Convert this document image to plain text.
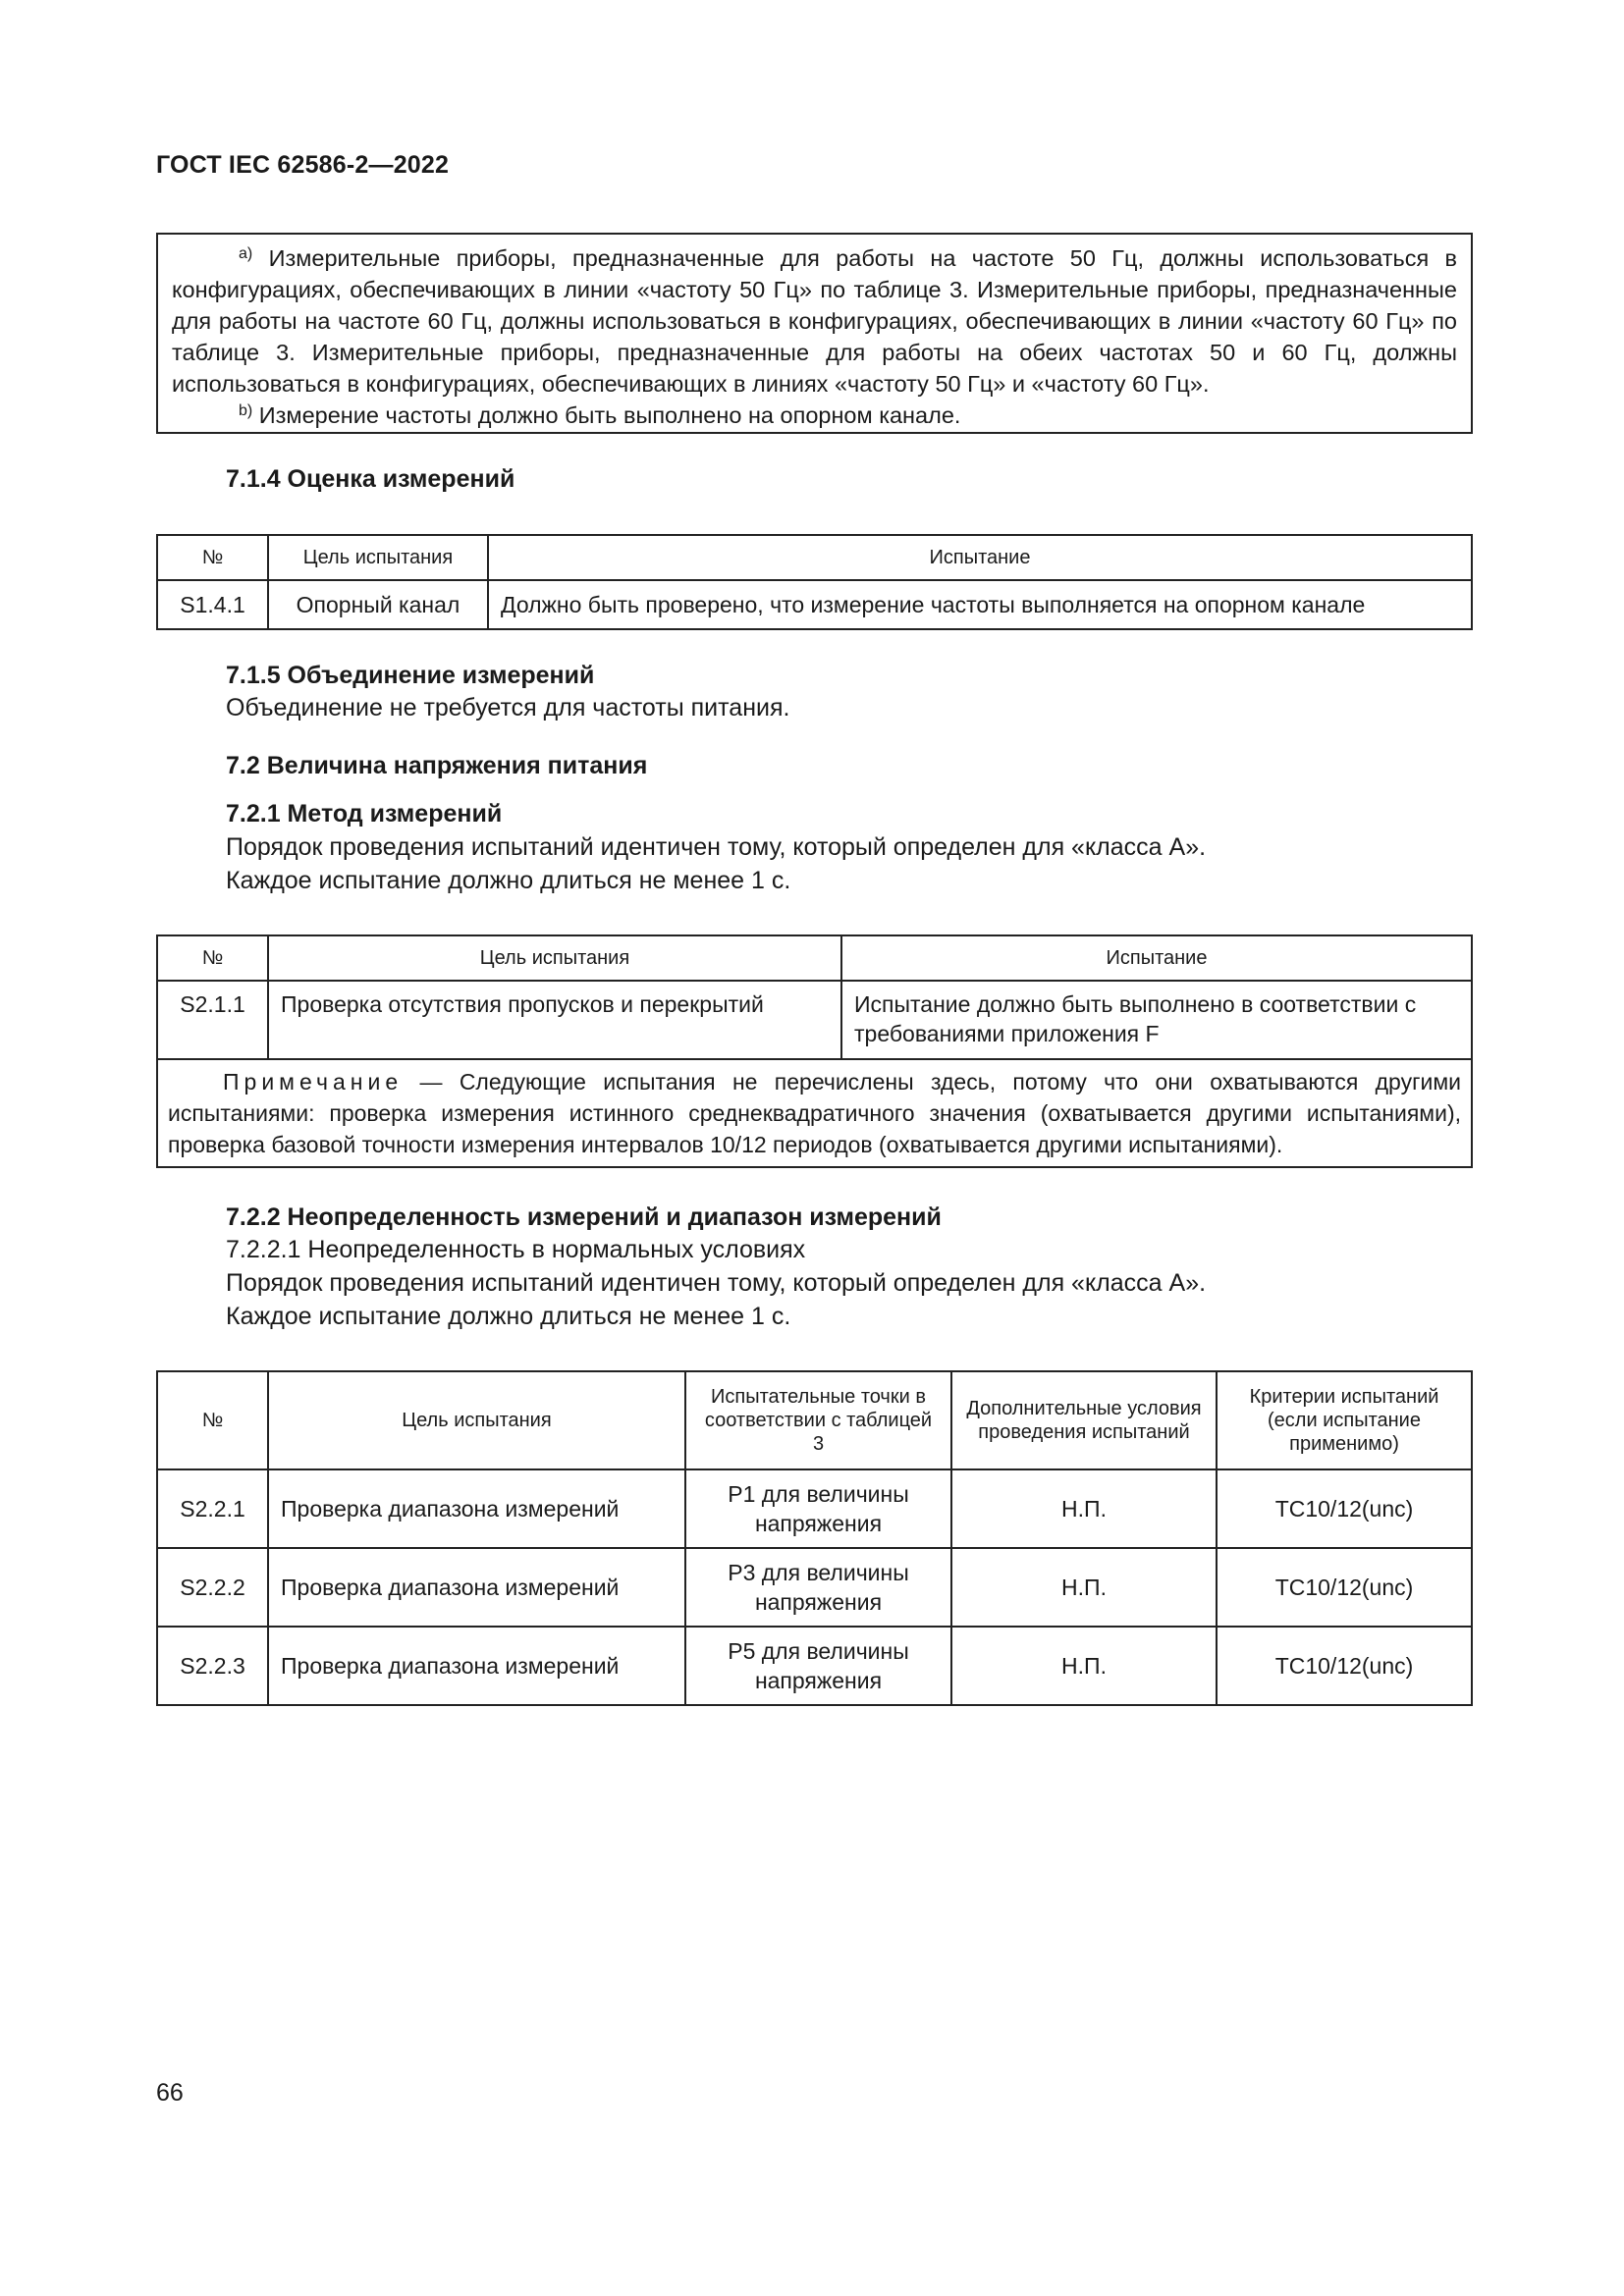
ГОСТ IEC 62586-2—2022

$^{a)}$ Измерительные приборы, предназначенные для работы на частоте 50 Гц, должны использоваться в конфигурациях, обеспечивающих в линии «частоту 50 Гц» по таблице 3. Измерительные приборы, предназначенные для работы на частоте 60 Гц, должны использоваться в конфигурациях, обеспечивающих в линии «частоту 60 Гц» по таблице 3. Измерительные приборы, предназначенные для работы на обеих частотах 50 и 60 Гц, должны использоваться в конфигурациях, обеспечивающих в линиях «частоту 50 Гц» и «частоту 60 Гц».

$^{b)}$ Измерение частоты должно быть выполнено на опорном канале.

7.1.4 Оценка измерений
№	Цель испытания	Испытание
S1.4.1	Опорный канал	Должно быть проверено, что измерение частоты выполняется на опорном канале
7.1.5 Объединение измерений
Объединение не требуется для частоты питания.
7.2 Величина напряжения питания
7.2.1 Метод измерений
Порядок проведения испытаний идентичен тому, который определен для «класса А».
Каждое испытание должно длиться не менее 1 с.
№	Цель испытания	Испытание
S2.1.1	Проверка отсутствия пропусков и перекрытий	Испытание должно быть выполнено в соответствии с требованиями приложения F
Примечание — Следующие испытания не перечислены здесь, потому что они охватываются другими испытаниями: проверка измерения истинного среднеквадратичного значения (охватывается другими испытаниями), проверка базовой точности измерения интервалов 10/12 периодов (охватывается другими испытаниями).		
7.2.2 Неопределенность измерений и диапазон измерений
7.2.2.1 Неопределенность в нормальных условиях
Порядок проведения испытаний идентичен тому, который определен для «класса А».
Каждое испытание должно длиться не менее 1 с.
№	Цель испытания	Испытательные точки в соответствии с таблицей 3	Дополнительные условия проведения испытаний	Критерии испытаний (если испытание применимо)
S2.2.1	Проверка диапазона измерений	P1 для величины напряжения	Н.П.	TC10/12(unc)
S2.2.2	Проверка диапазона измерений	P3 для величины напряжения	Н.П.	TC10/12(unc)
S2.2.3	Проверка диапазона измерений	P5 для величины напряжения	Н.П.	TC10/12(unc)
66
